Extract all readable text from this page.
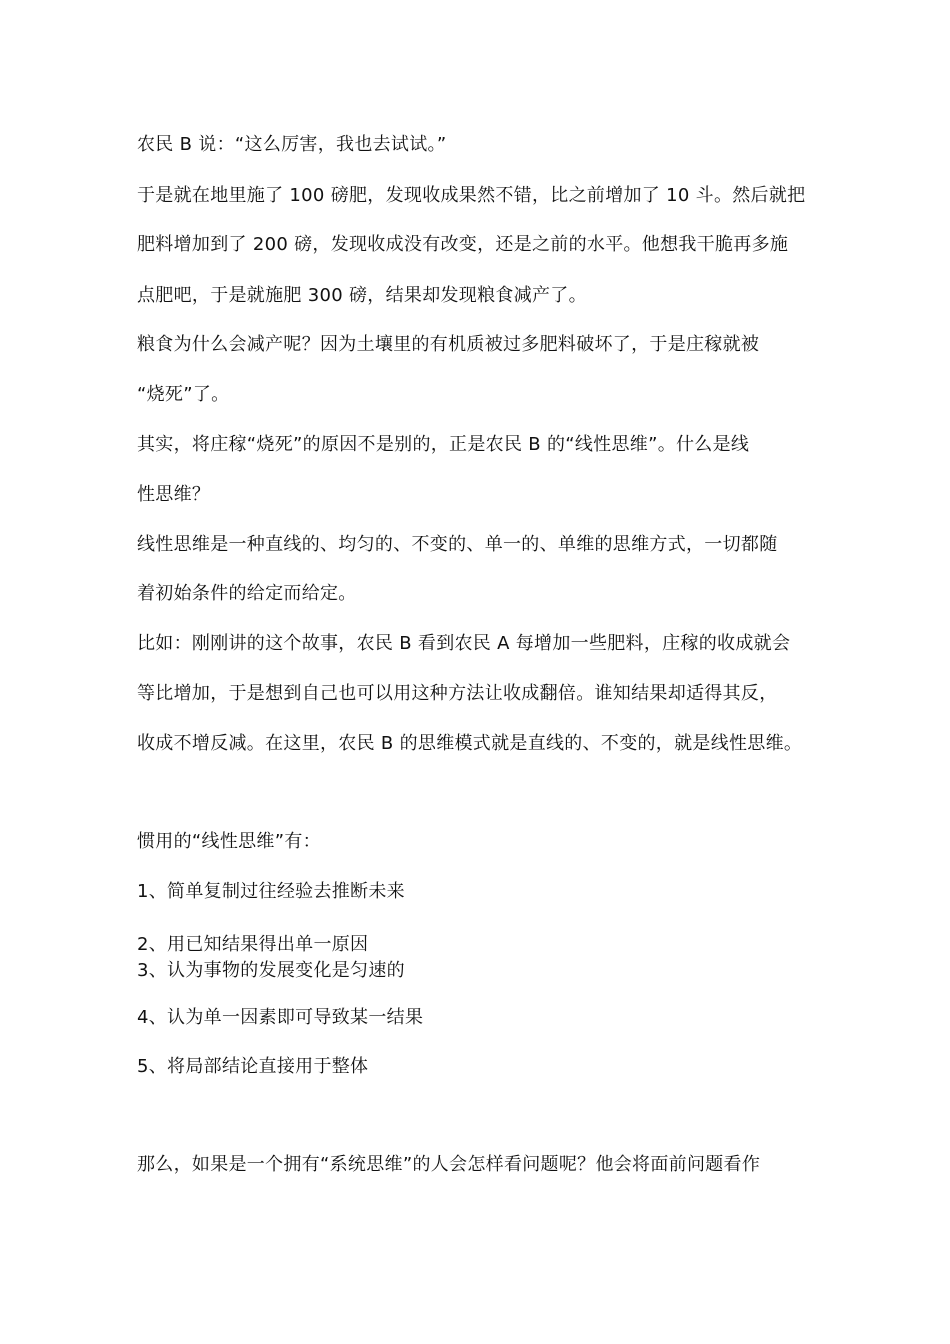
农民 B 说：“这么厉害，我也去试试。”
于是就在地里施了 100 磅肥，发现收成果然不错，比之前增加了 10 斗。然后就把
肥料增加到了 200 磅，发现收成没有改变，还是之前的水平。他想我干脆再多施
点肥吧，于是就施肥 300 磅，结果却发现粮食减产了。
粮食为什么会减产呢？因为土壤里的有机质被过多肥料破坏了，于是庄稼就被
“烧死”了。
其实，将庄稼“烧死”的原因不是别的，正是农民 B 的“线性思维”。什么是线
性思维？
线性思维是一种直线的、均匀的、不变的、单一的、单维的思维方式，一切都随
着初始条件的给定而给定。
比如：刚刚讲的这个故事，农民 B 看到农民 A 每增加一些肥料，庄稼的收成就会
等比增加，于是想到自己也可以用这种方法让收成翻倍。谁知结果却适得其反，
收成不增反减。在这里，农民 B 的思维模式就是直线的、不变的，就是线性思维。
惯用的“线性思维”有：
1、简单复制过往经验去推断未来
2、用已知结果得出单一原因
3、认为事物的发展变化是匀速的
4、认为单一因素即可导致某一结果
5、将局部结论直接用于整体
那么，如果是一个拥有“系统思维”的人会怎样看问题呢？他会将面前问题看作
